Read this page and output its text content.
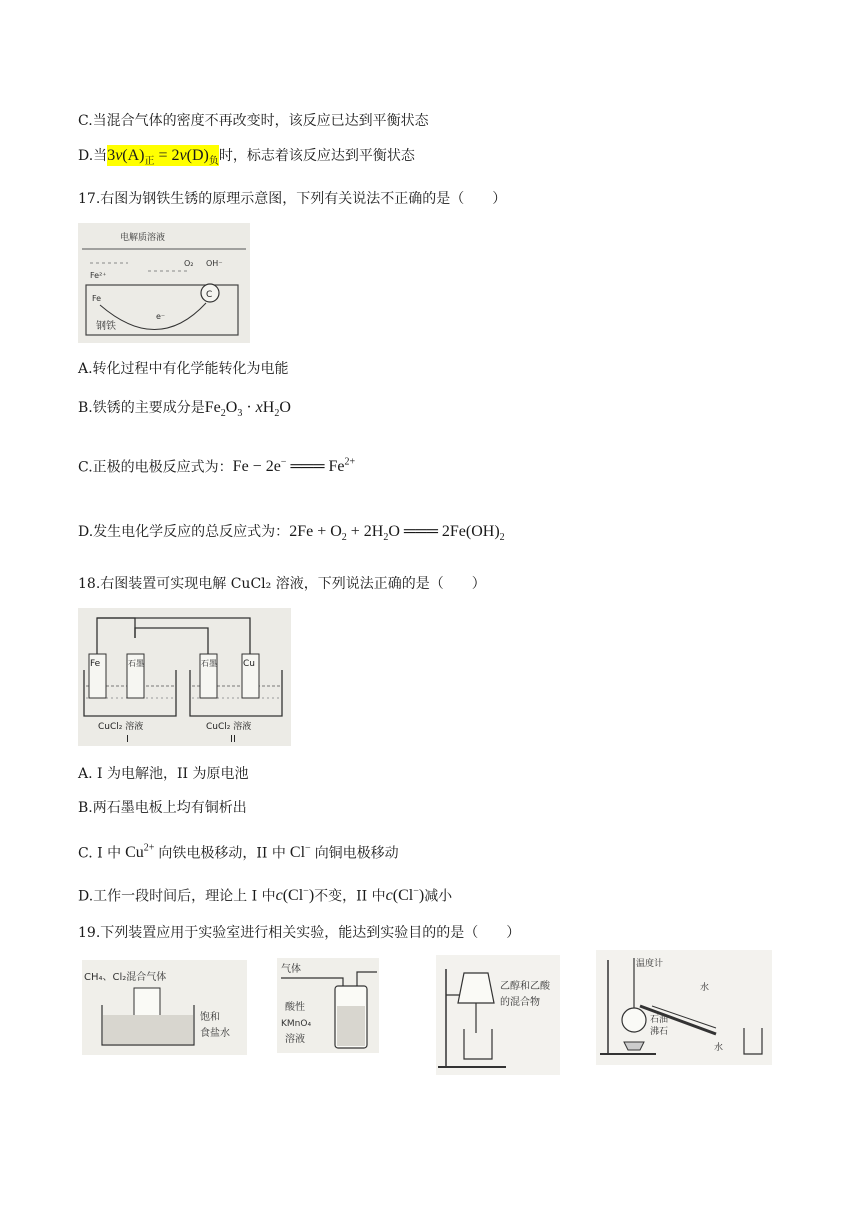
C.当混合气体的密度不再改变时，该反应已达到平衡状态
D.当$3v(A)_正 = 2v(D)_负$时，标志着该反应达到平衡状态
17.右图为钢铁生锈的原理示意图，下列有关说法不正确的是（　　）
电解质溶液
Fe²⁺
O₂ OH⁻
Fe	C
e⁻
钢铁
A.转化过程中有化学能转化为电能
B.铁锈的主要成分是$Fe_2O_3 \cdot xH_2O$
C.正极的电极反应式为：Fe − 2e− ═══ $Fe^{2+}$
D.发生电化学反应的总反应式为：$2Fe + O_2 + 2H_2O$ ═══ $2Fe(OH)_2$
18.右图装置可实现电解 CuCl₂ 溶液，下列说法正确的是（　　）
Fe	石墨	石墨	Cu
CuCl₂ 溶液	CuCl₂ 溶液
I	II
A. I 为电解池，II 为原电池
B.两石墨电板上均有铜析出
C. I 中 $Cu^{2+}$ 向铁电极移动，II 中 Cl− 向铜电极移动
D.工作一段时间后，理论上 I 中c(Cl−)不变，II 中c(Cl−)减小
19.下列装置应用于实验室进行相关实验，能达到实验目的的是（　　）
CH₄、Cl₂混合气体
饱和
食盐水
气体
酸性
KMnO₄
溶液
乙醇和乙酸
的混合物
温度计
水
石油
沸石
水
